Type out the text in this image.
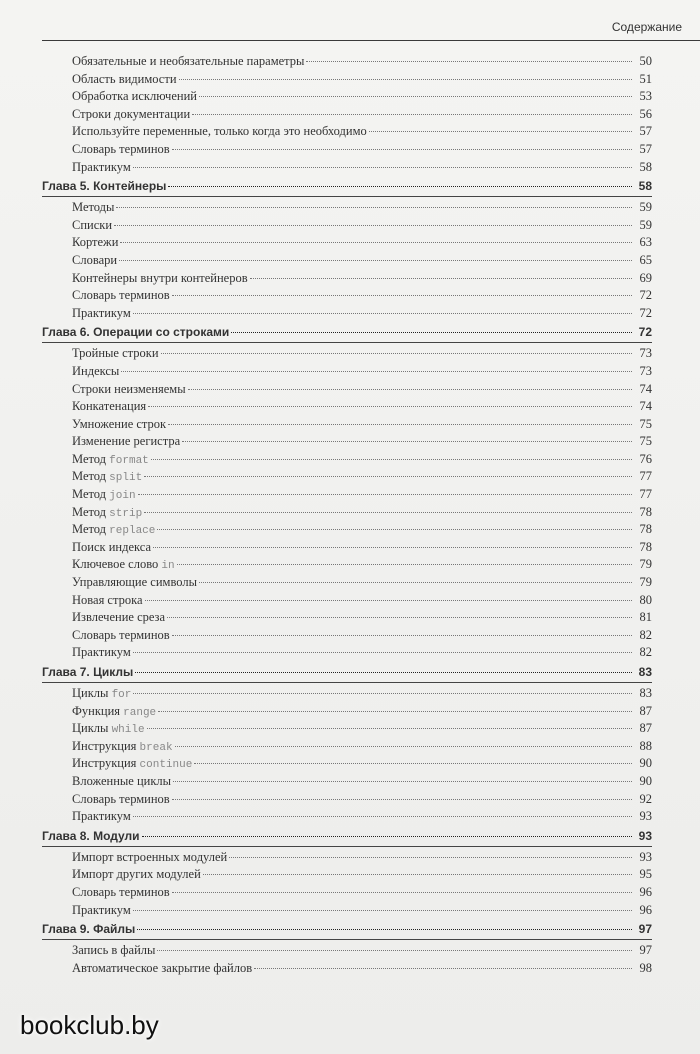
Содержание
Обязательные и необязательные параметры	50
Область видимости	51
Обработка исключений	53
Строки документации	56
Используйте переменные, только когда это необходимо	57
Словарь терминов	57
Практикум	58
Глава 5. Контейнеры	58
Методы	59
Списки	59
Кортежи	63
Словари	65
Контейнеры внутри контейнеров	69
Словарь терминов	72
Практикум	72
Глава 6. Операции со строками	72
Тройные строки	73
Индексы	73
Строки неизменяемы	74
Конкатенация	74
Умножение строк	75
Изменение регистра	75
Метод format	76
Метод split	77
Метод join	77
Метод strip	78
Метод replace	78
Поиск индекса	78
Ключевое слово in	79
Управляющие символы	79
Новая строка	80
Извлечение среза	81
Словарь терминов	82
Практикум	82
Глава 7. Циклы	83
Циклы for	83
Функция range	87
Циклы while	87
Инструкция break	88
Инструкция continue	90
Вложенные циклы	90
Словарь терминов	92
Практикум	93
Глава 8. Модули	93
Импорт встроенных модулей	93
Импорт других модулей	95
Словарь терминов	96
Практикум	96
Глава 9. Файлы	97
Запись в файлы	97
Автоматическое закрытие файлов	98
bookclub.by
